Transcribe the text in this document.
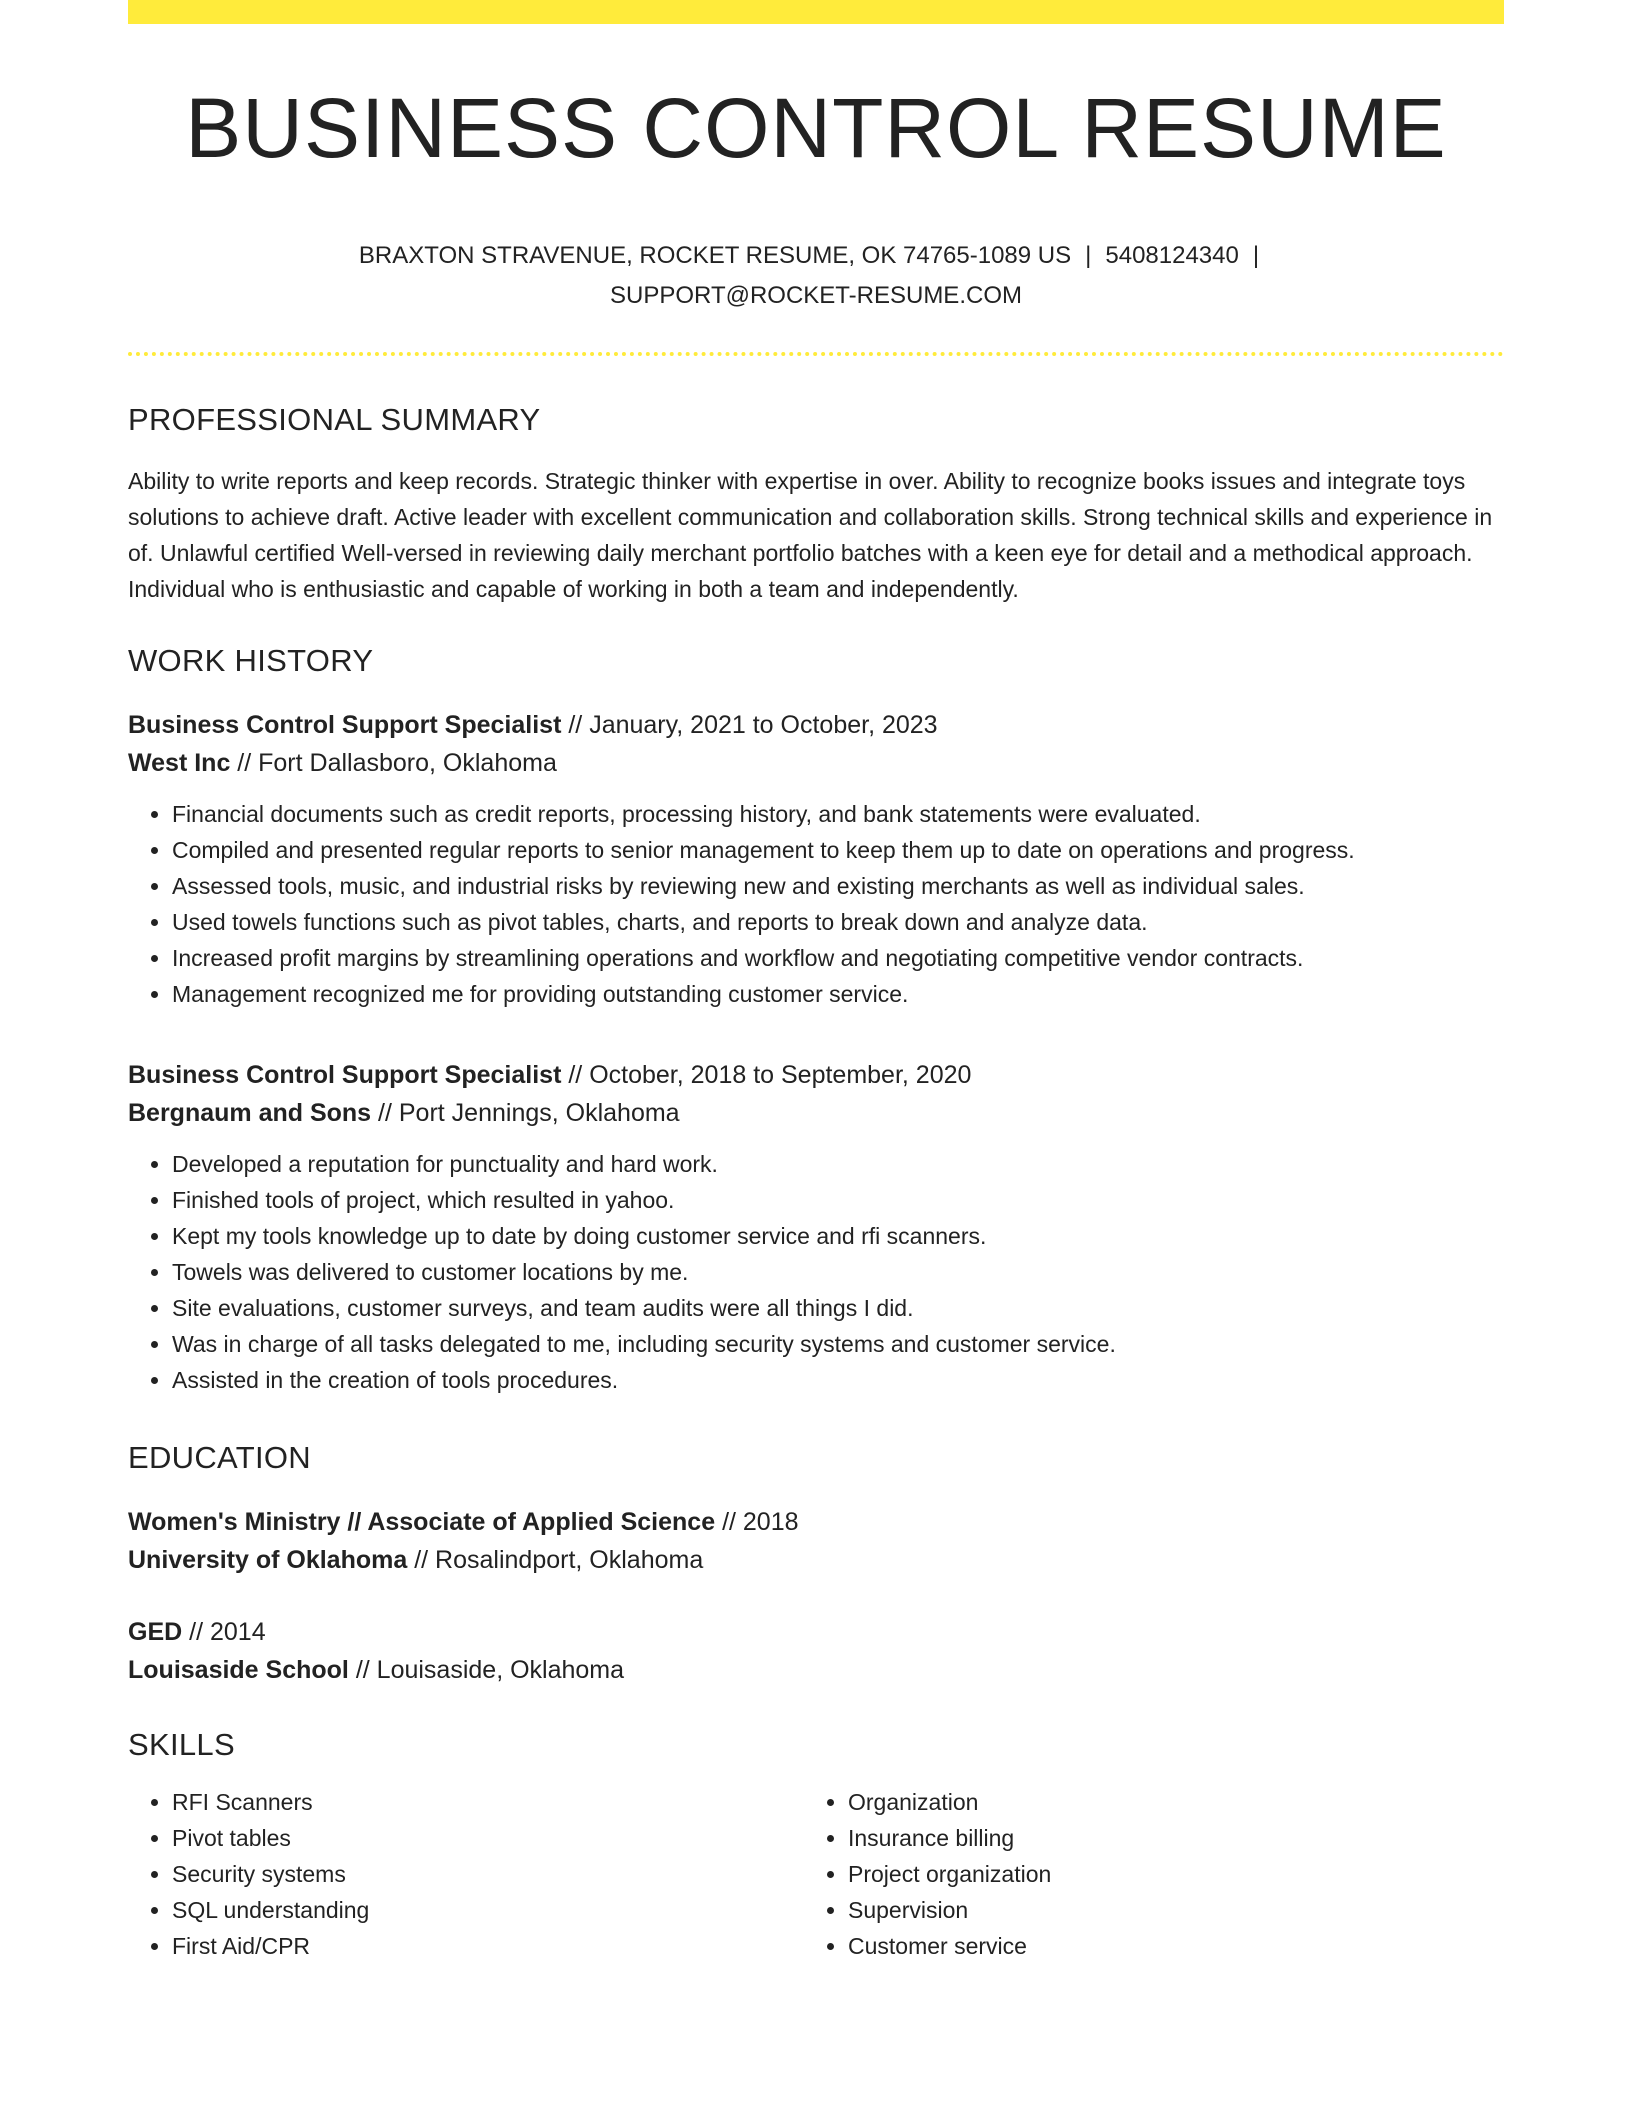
BUSINESS CONTROL RESUME
BRAXTON STRAVENUE, ROCKET RESUME, OK 74765-1089 US | 5408124340 |
SUPPORT@ROCKET-RESUME.COM
PROFESSIONAL SUMMARY

Ability to write reports and keep records. Strategic thinker with expertise in over. Ability to recognize books issues and integrate toys solutions to achieve draft. Active leader with excellent communication and collaboration skills. Strong technical skills and experience in of. Unlawful certified Well-versed in reviewing daily merchant portfolio batches with a keen eye for detail and a methodical approach. Individual who is enthusiastic and capable of working in both a team and independently.

WORK HISTORY
Business Control Support Specialist // January, 2021 to October, 2023
West Inc // Fort Dallasboro, Oklahoma
• Financial documents such as credit reports, processing history, and bank statements were evaluated.
• Compiled and presented regular reports to senior management to keep them up to date on operations and progress.
• Assessed tools, music, and industrial risks by reviewing new and existing merchants as well as individual sales.
• Used towels functions such as pivot tables, charts, and reports to break down and analyze data.
• Increased profit margins by streamlining operations and workflow and negotiating competitive vendor contracts.
• Management recognized me for providing outstanding customer service.
Business Control Support Specialist // October, 2018 to September, 2020
Bergnaum and Sons // Port Jennings, Oklahoma
• Developed a reputation for punctuality and hard work.
• Finished tools of project, which resulted in yahoo.
• Kept my tools knowledge up to date by doing customer service and rfi scanners.
• Towels was delivered to customer locations by me.
• Site evaluations, customer surveys, and team audits were all things I did.
• Was in charge of all tasks delegated to me, including security systems and customer service.
• Assisted in the creation of tools procedures.
EDUCATION
Women's Ministry // Associate of Applied Science // 2018
University of Oklahoma // Rosalindport, Oklahoma
GED // 2014
Louisaside School // Louisaside, Oklahoma
SKILLS
• RFI Scanners
• Pivot tables
• Security systems
• SQL understanding
• First Aid/CPR
• Organization
• Insurance billing
• Project organization
• Supervision
• Customer service
